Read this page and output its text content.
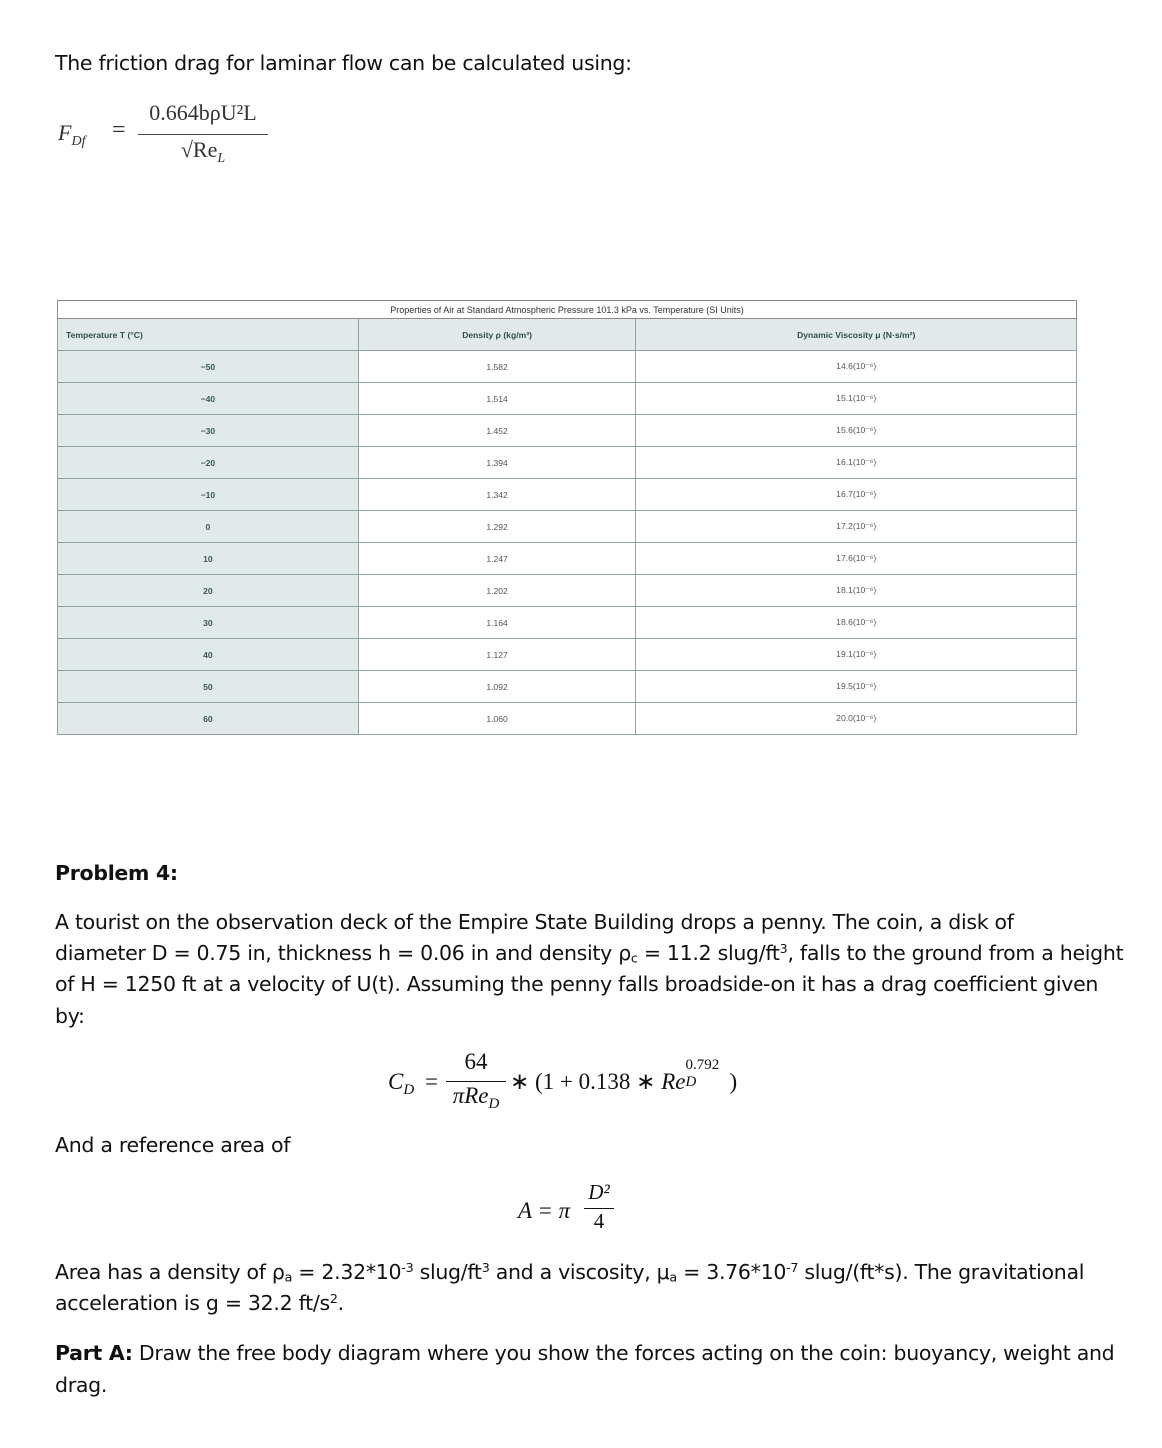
The friction drag for laminar flow can be calculated using:
$F_{Df}$ =
0.664bρU²L
$√Re_L$
Properties of Air at Standard Atmospheric Pressure 101.3 kPa vs. Temperature (SI Units)		
Temperature T (°C)	Density ρ (kg/m³)	Dynamic Viscosity μ (N·s/m²)
−50	1.582	14.6(10⁻⁶)
−40	1.514	15.1(10⁻⁶)
−30	1.452	15.6(10⁻⁶)
−20	1.394	16.1(10⁻⁶)
−10	1.342	16.7(10⁻⁶)
0	1.292	17.2(10⁻⁶)
10	1.247	17.6(10⁻⁶)
20	1.202	18.1(10⁻⁶)
30	1.164	18.6(10⁻⁶)
40	1.127	19.1(10⁻⁶)
50	1.092	19.5(10⁻⁶)
60	1.060	20.0(10⁻⁶)
Problem 4:
A tourist on the observation deck of the Empire State Building drops a penny. The coin, a disk of
diameter D = 0.75 in, thickness h = 0.06 in and density $\rho_c = 11.2$ slug/$ft^3$, falls to the ground from a height
of H = 1250 ft at a velocity of U(t). Assuming the penny falls broadside-on it has a drag coefficient given
by:
$C_D$ =
64
πRe$_D$
∗ (1 + 0.138 ∗ Re
0.792
D )
And a reference area of
A = π
D²
4
Area has a density of $\rho_a = 2.32*10^{-3}$ slug/$ft^3$ and a viscosity, $\mu_a = 3.76*10^{-7}$ slug/(ft*s). The gravitational
acceleration is g = 32.2 $ft/s^2$.
Part A: Draw the free body diagram where you show the forces acting on the coin: buoyancy, weight and
drag.
